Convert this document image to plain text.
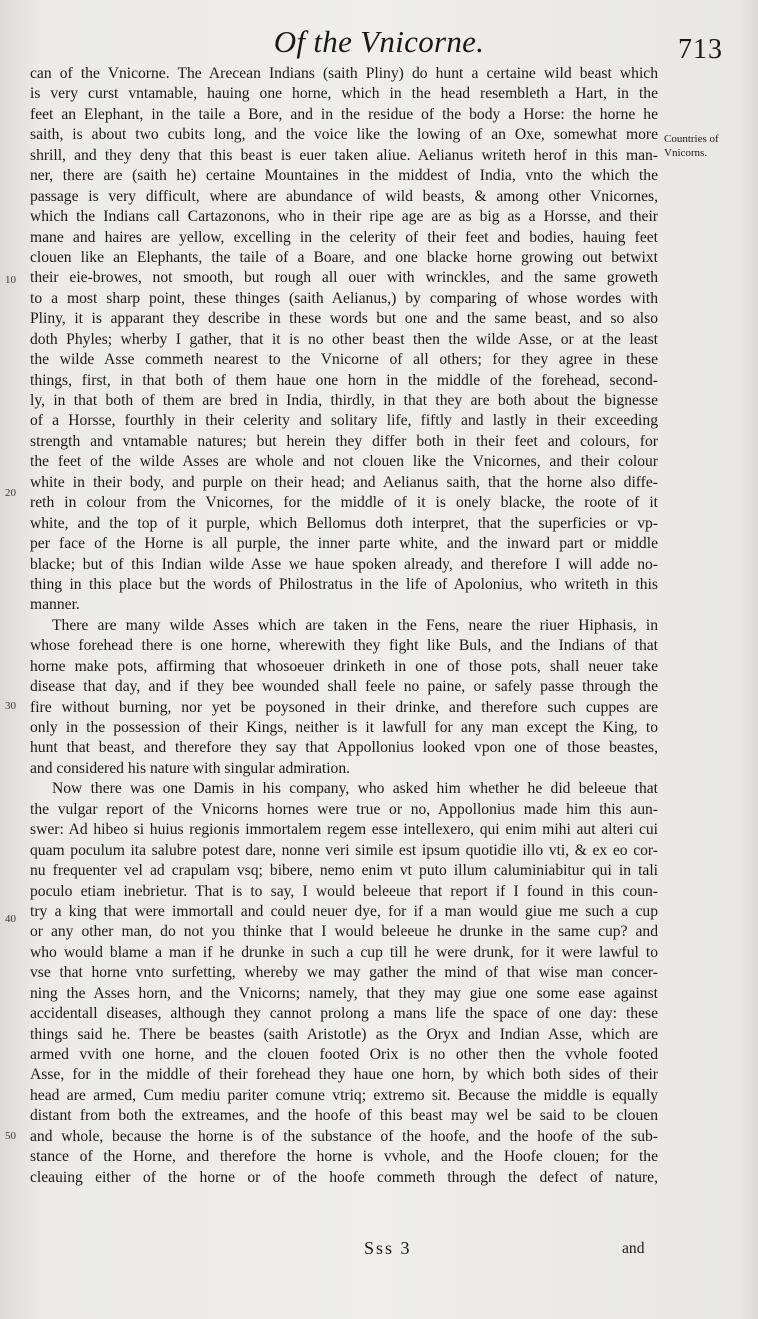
Of the Vnicorne.	713
Countries of
Vnicorns.
10
20
30
40
50
can of the Vnicorne. The Arecean Indians (saith Pliny) do hunt a certaine wild beast which
is very curst vntamable, hauing one horne, which in the head resembleth a Hart, in the
feet an Elephant, in the taile a Bore, and in the residue of the body a Horse: the horne he
saith, is about two cubits long, and the voice like the lowing of an Oxe, somewhat more
shrill, and they deny that this beast is euer taken aliue. Aelianus writeth herof in this man-
ner, there are (saith he) certaine Mountaines in the middest of India, vnto the which the
passage is very difficult, where are abundance of wild beasts, & among other Vnicornes,
which the Indians call Cartazonons, who in their ripe age are as big as a Horsse, and their
mane and haires are yellow, excelling in the celerity of their feet and bodies, hauing feet
clouen like an Elephants, the taile of a Boare, and one blacke horne growing out betwixt
their eie-browes, not smooth, but rough all ouer with wrinckles, and the same groweth
to a most sharp point, these thinges (saith Aelianus,) by comparing of whose wordes with
Pliny, it is apparant they describe in these words but one and the same beast, and so also
doth Phyles; wherby I gather, that it is no other beast then the wilde Asse, or at the least
the wilde Asse commeth nearest to the Vnicorne of all others; for they agree in these
things, first, in that both of them haue one horn in the middle of the forehead, second-
ly, in that both of them are bred in India, thirdly, in that they are both about the bignesse
of a Horsse, fourthly in their celerity and solitary life, fiftly and lastly in their exceeding
strength and vntamable natures; but herein they differ both in their feet and colours, for
the feet of the wilde Asses are whole and not clouen like the Vnicornes, and their colour
white in their body, and purple on their head; and Aelianus saith, that the horne also diffe-
reth in colour from the Vnicornes, for the middle of it is onely blacke, the roote of it
white, and the top of it purple, which Bellomus doth interpret, that the superficies or vp-
per face of the Horne is all purple, the inner parte white, and the inward part or middle
blacke; but of this Indian wilde Asse we haue spoken already, and therefore I will adde no-
thing in this place but the words of Philostratus in the life of Apolonius, who writeth in this
manner.
There are many wilde Asses which are taken in the Fens, neare the riuer Hiphasis, in
whose forehead there is one horne, wherewith they fight like Buls, and the Indians of that
horne make pots, affirming that whosoeuer drinketh in one of those pots, shall neuer take
disease that day, and if they bee wounded shall feele no paine, or safely passe through the
fire without burning, nor yet be poysoned in their drinke, and therefore such cuppes are
only in the possession of their Kings, neither is it lawfull for any man except the King, to
hunt that beast, and therefore they say that Appollonius looked vpon one of those beastes,
and considered his nature with singular admiration.
Now there was one Damis in his company, who asked him whether he did beleeue that
the vulgar report of the Vnicorns hornes were true or no, Appollonius made him this aun-
swer: Ad hibeo si huius regionis immortalem regem esse intellexero, qui enim mihi aut alteri cui
quam poculum ita salubre potest dare, nonne veri simile est ipsum quotidie illo vti, & ex eo cor-
nu frequenter vel ad crapulam vsq; bibere, nemo enim vt puto illum caluminiabitur qui in tali
poculo etiam inebrietur. That is to say, I would beleeue that report if I found in this coun-
try a king that were immortall and could neuer dye, for if a man would giue me such a cup
or any other man, do not you thinke that I would beleeue he drunke in the same cup? and
who would blame a man if he drunke in such a cup till he were drunk, for it were lawful to
vse that horne vnto surfetting, whereby we may gather the mind of that wise man concer-
ning the Asses horn, and the Vnicorns; namely, that they may giue one some ease against
accidentall diseases, although they cannot prolong a mans life the space of one day: these
things said he. There be beastes (saith Aristotle) as the Oryx and Indian Asse, which are
armed vvith one horne, and the clouen footed Orix is no other then the vvhole footed
Asse, for in the middle of their forehead they haue one horn, by which both sides of their
head are armed, Cum mediu pariter comune vtriq; extremo sit. Because the middle is equally
distant from both the extreames, and the hoofe of this beast may wel be said to be clouen
and whole, because the horne is of the substance of the hoofe, and the hoofe of the sub-
stance of the Horne, and therefore the horne is vvhole, and the Hoofe clouen; for the
cleauing either of the horne or of the hoofe commeth through the defect of nature,
Sss 3	and
